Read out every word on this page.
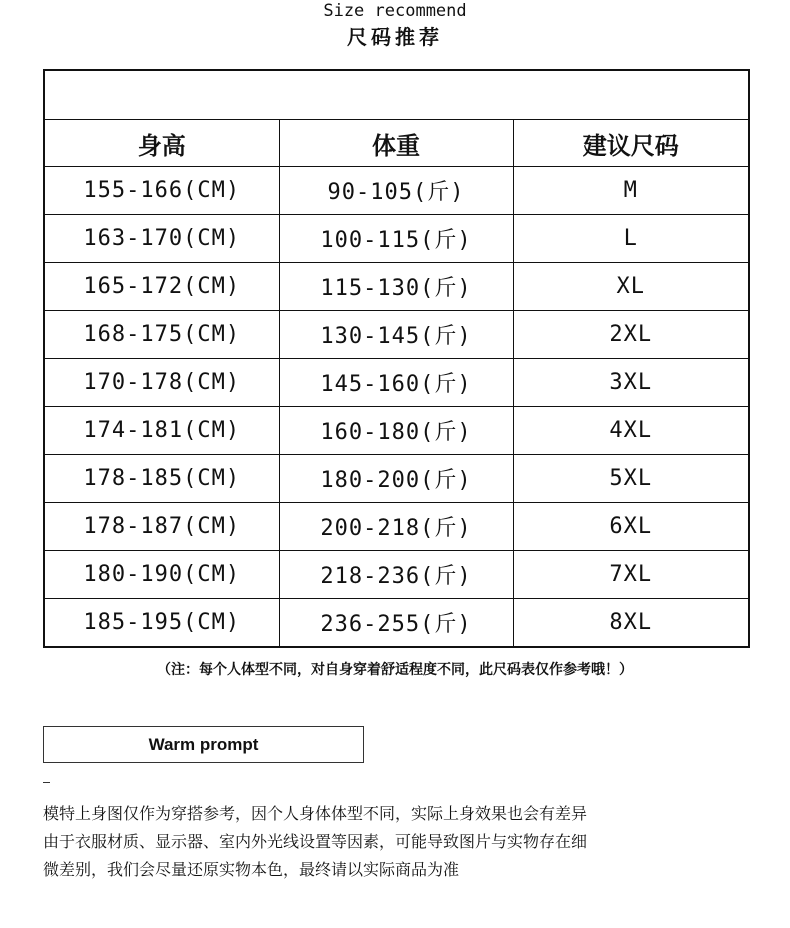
Size recommend
尺码推荐

身高	体重	建议尺码
155-166(CM)	90-105(斤)	M
163-170(CM)	100-115(斤)	L
165-172(CM)	115-130(斤)	XL
168-175(CM)	130-145(斤)	2XL
170-178(CM)	145-160(斤)	3XL
174-181(CM)	160-180(斤)	4XL
178-185(CM)	180-200(斤)	5XL
178-187(CM)	200-218(斤)	6XL
180-190(CM)	218-236(斤)	7XL
185-195(CM)	236-255(斤)	8XL
（注：每个人体型不同，对自身穿着舒适程度不同，此尺码表仅作参考哦！）
Warm prompt

模特上身图仅作为穿搭参考，因个人身体体型不同，实际上身效果也会有差异

由于衣服材质、显示器、室内外光线设置等因素，可能导致图片与实物存在细

微差别，我们会尽量还原实物本色，最终请以实际商品为准
